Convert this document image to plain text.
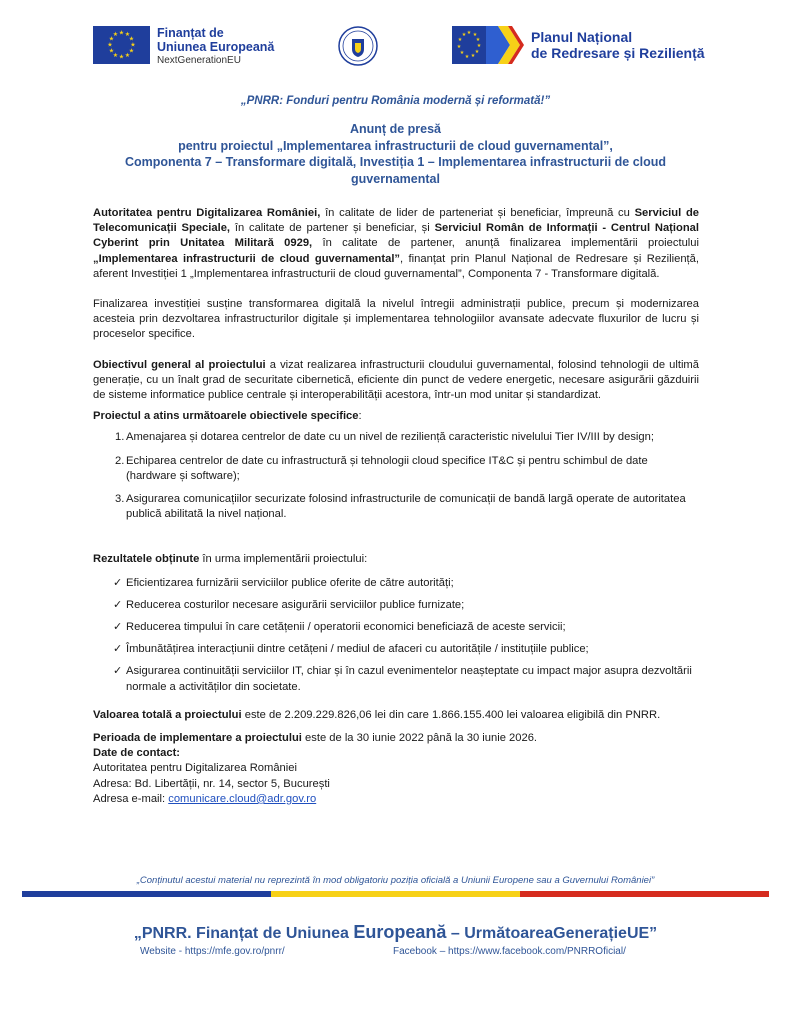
★ ★
★
★
★
★
★
★
★
★
★
★	Finanțat de
Uniunea Europeană
NextGenerationEU
★ ★
★
★
★
★
★
★
★
★
★	Planul Național
de Redresare și Reziliență
„PNRR: Fonduri pentru România modernă și reformată!”
Anunț de presă
pentru proiectul „Implementarea infrastructurii de cloud guvernamental”,
Componenta 7 – Transformare digitală, Investiția 1 – Implementarea infrastructurii de cloud
guvernamental

Autoritatea pentru Digitalizarea României, în calitate de lider de parteneriat și beneficiar, împreună cu Serviciul de Telecomunicații Speciale, în calitate de partener și beneficiar, și Serviciul Român de Informații - Centrul Național Cyberint prin Unitatea Militară 0929, în calitate de partener, anunță finalizarea implementării proiectului „Implementarea infrastructurii de cloud guvernamental”, finanțat prin Planul Național de Redresare și Reziliență, aferent Investiției 1 „Implementarea infrastructurii de cloud guvernamental”, Componenta 7 - Transformare digitală.

Finalizarea investiției susține transformarea digitală la nivelul întregii administrații publice, precum și modernizarea acesteia prin dezvoltarea infrastructurilor digitale și implementarea tehnologiilor avansate adecvate fluxurilor de lucru și proceselor specifice.

Obiectivul general al proiectului a vizat realizarea infrastructurii cloudului guvernamental, folosind tehnologii de ultimă generație, cu un înalt grad de securitate cibernetică, eficiente din punct de vedere energetic, necesare asigurării găzduirii de sisteme informatice publice centrale și interoperabilității acestora, într-un mod unitar și standardizat.

Proiectul a atins următoarele obiectivele specifice:

1. Amenajarea și dotarea centrelor de date cu un nivel de reziliență caracteristic nivelului Tier IV/III by design;
2. Echiparea centrelor de date cu infrastructură și tehnologii cloud specifice IT&C și pentru schimbul de date (hardware și software);
3. Asigurarea comunicațiilor securizate folosind infrastructurile de comunicații de bandă largă operate de autoritatea publică abilitată la nivel național.

Rezultatele obținute în urma implementării proiectului:

✓ Eficientizarea furnizării serviciilor publice oferite de către autorități;
✓ Reducerea costurilor necesare asigurării serviciilor publice furnizate;
✓ Reducerea timpului în care cetățenii / operatorii economici beneficiază de aceste servicii;
✓ Îmbunătățirea interacțiunii dintre cetățeni / mediul de afaceri cu autoritățile / instituțiile publice;
✓ Asigurarea continuității serviciilor IT, chiar și în cazul evenimentelor neașteptate cu impact major asupra dezvoltării normale a activităților din societate.

Valoarea totală a proiectului este de 2.209.229.826,06 lei din care 1.866.155.400 lei valoarea eligibilă din PNRR.

Perioada de implementare a proiectului este de la 30 iunie 2022 până la 30 iunie 2026.

Date de contact:

Autoritatea pentru Digitalizarea României

Adresa: Bd. Libertății, nr. 14, sector 5, București

Adresa e-mail: comunicare.cloud@adr.gov.ro

„Conținutul acestui material nu reprezintă în mod obligatoriu poziția oficială a Uniunii Europene sau a Guvernului României”
„PNRR. Finanțat de Uniunea Europeană – UrmătoareaGenerațieUE”
Website - https://mfe.gov.ro/pnrr/	Facebook – https://www.facebook.com/PNRROficial/
